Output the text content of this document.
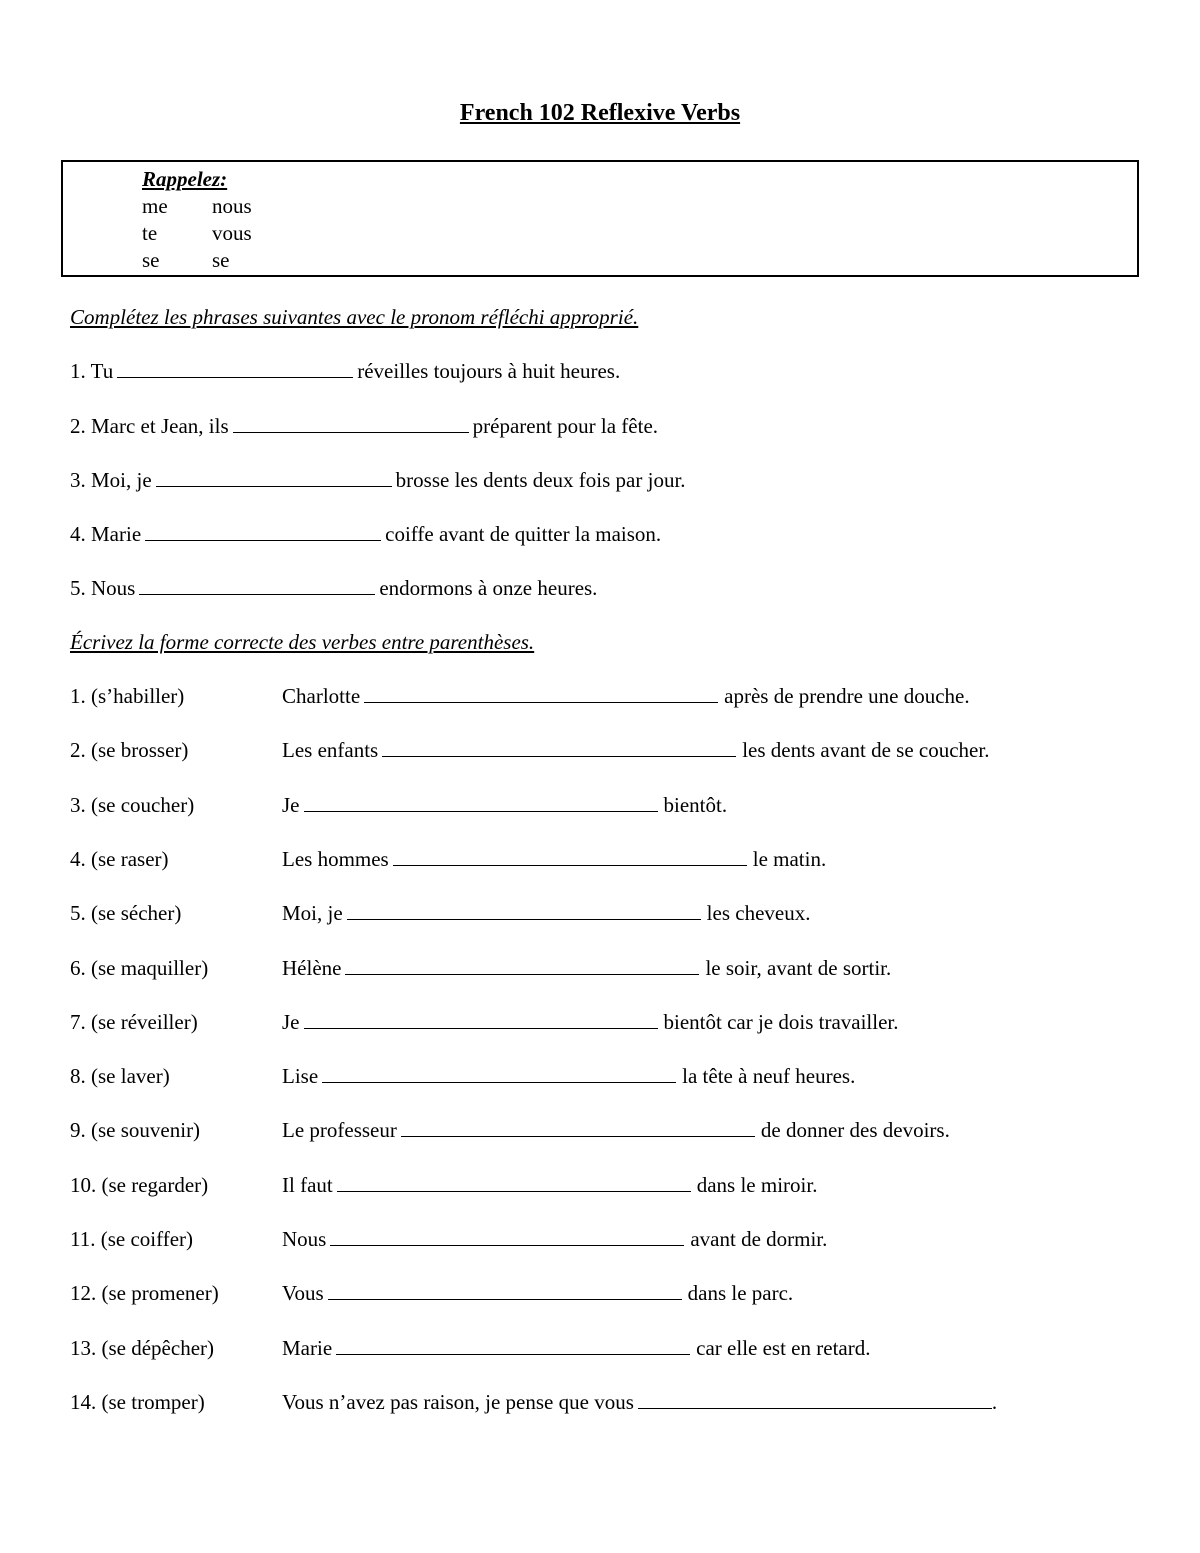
French 102 Reflexive Verbs
Rappelez:
me	nous
te	vous
se	se
Complétez les phrases suivantes avec le pronom réfléchi approprié.
1. Tu	réveilles toujours à huit heures.
2. Marc et Jean, ils	préparent pour la fête.
3. Moi, je	brosse les dents deux fois par jour.
4. Marie	coiffe avant de quitter la maison.
5. Nous	endormons à onze heures.
Écrivez la forme correcte des verbes entre parenthèses.
1. (s’habiller)	Charlotte	après de prendre une douche.
2. (se brosser)	Les enfants	les dents avant de se coucher.
3. (se coucher)	Je	bientôt.
4. (se raser)	Les hommes	le matin.
5. (se sécher)	Moi, je	les cheveux.
6. (se maquiller)	Hélène	le soir, avant de sortir.
7. (se réveiller)	Je	bientôt car je dois travailler.
8. (se laver)	Lise	la tête à neuf heures.
9. (se souvenir)	Le professeur	de donner des devoirs.
10. (se regarder)	Il faut	dans le miroir.
11. (se coiffer)	Nous	avant de dormir.
12. (se promener)	Vous	dans le parc.
13. (se dépêcher)	Marie	car elle est en retard.
14. (se tromper)	Vous n’avez pas raison, je pense que vous	.
